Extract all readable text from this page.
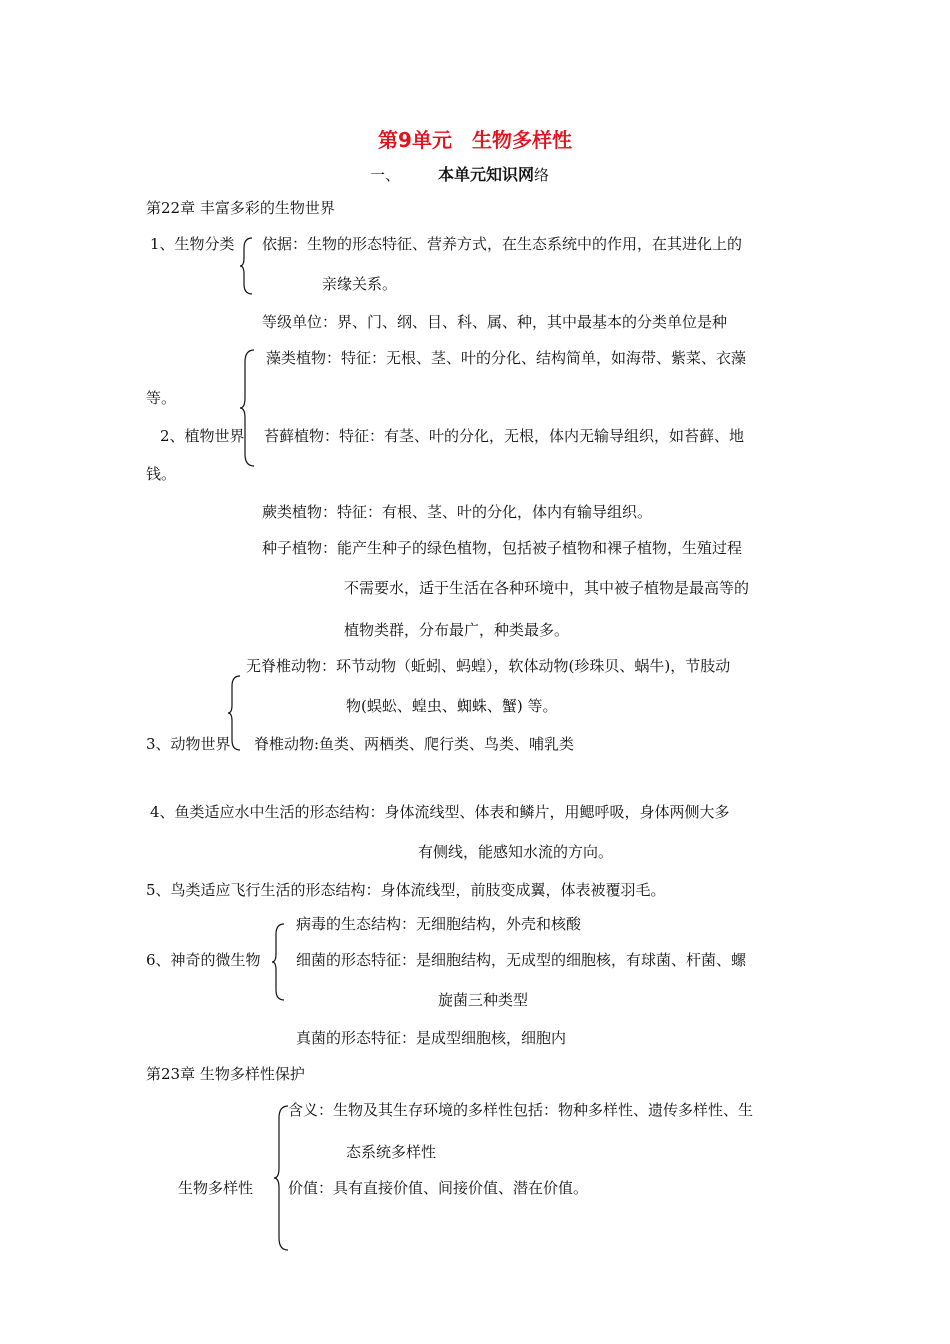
第9单元　生物多样性
一、 本单元知识网络
第22章 丰富多彩的生物世界
1、生物分类 依据：生物的形态特征、营养方式，在生态系统中的作用，在其进化上的
亲缘关系。
等级单位：界、门、纲、目、科、属、种，其中最基本的分类单位是种
藻类植物：特征：无根、茎、叶的分化、结构简单，如海带、紫菜、衣藻
等。
2、植物世界 苔藓植物：特征：有茎、叶的分化，无根，体内无输导组织，如苔藓、地
钱。
蕨类植物：特征：有根、茎、叶的分化，体内有输导组织。
种子植物：能产生种子的绿色植物，包括被子植物和裸子植物，生殖过程
不需要水，适于生活在各种环境中，其中被子植物是最高等的
植物类群，分布最广，种类最多。
无脊椎动物：环节动物（蚯蚓、蚂蝗），软体动物(珍珠贝、蜗牛)，节肢动
物(蜈蚣、蝗虫、蜘蛛、蟹) 等。
3、动物世界 脊椎动物:鱼类、两栖类、爬行类、鸟类、哺乳类
4、鱼类适应水中生活的形态结构：身体流线型、体表和鳞片，用鳃呼吸，身体两侧大多
有侧线，能感知水流的方向。
5、鸟类适应飞行生活的形态结构：身体流线型，前肢变成翼，体表被覆羽毛。
病毒的生态结构：无细胞结构，外壳和核酸
6、神奇的微生物 细菌的形态特征：是细胞结构，无成型的细胞核，有球菌、杆菌、螺
旋菌三种类型
真菌的形态特征：是成型细胞核，细胞内
第23章 生物多样性保护
含义：生物及其生存环境的多样性包括：物种多样性、遗传多样性、生
态系统多样性
生物多样性 价值：具有直接价值、间接价值、潜在价值。
